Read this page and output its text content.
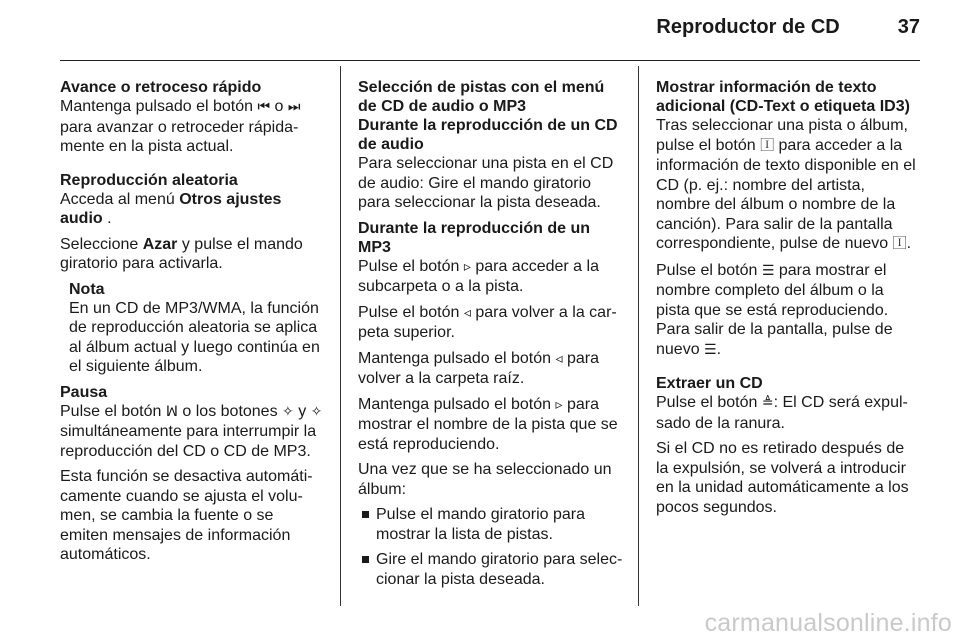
Reproductor de CD	37
Avance o retroceso rápido

Mantenga pulsado el botón ⏮ o ⏭ para avanzar o retroceder rápidamente en la pista actual.

Reproducción aleatoria

Acceda al menú Otros ajustes audio .

Seleccione Azar y pulse el mando giratorio para activarla.

Nota
En un CD de MP3/WMA, la función de reproducción aleatoria se aplica al álbum actual y luego continúa en el siguiente álbum.
Pausa

Pulse el botón ꟽ o los botones ✧ y ✧ simultáneamente para interrumpir la reproducción del CD o CD de MP3.

Esta función se desactiva automáticamente cuando se ajusta el volumen, se cambia la fuente o se emiten mensajes de información automáticos.

Selección de pistas con el menú de CD de audio o MP3
Durante la reproducción de un CD de audio

Para seleccionar una pista en el CD de audio: Gire el mando giratorio para seleccionar la pista deseada.

Durante la reproducción de un MP3

Pulse el botón ▹ para acceder a la subcarpeta o a la pista.

Pulse el botón ◃ para volver a la carpeta superior.

Mantenga pulsado el botón ◃ para volver a la carpeta raíz.

Mantenga pulsado el botón ▹ para mostrar el nombre de la pista que se está reproduciendo.

Una vez que se ha seleccionado un álbum:

Pulse el mando giratorio para mostrar la lista de pistas.
Gire el mando giratorio para seleccionar la pista deseada.
Mostrar información de texto adicional (CD-Text o etiqueta ID3)

Tras seleccionar una pista o álbum, pulse el botón 🄸 para acceder a la información de texto disponible en el CD (p. ej.: nombre del artista, nombre del álbum o nombre de la canción). Para salir de la pantalla correspondiente, pulse de nuevo 🄸.

Pulse el botón ☰ para mostrar el nombre completo del álbum o la pista que se está reproduciendo. Para salir de la pantalla, pulse de nuevo ☰.

Extraer un CD

Pulse el botón ≜: El CD será expulsado de la ranura.

Si el CD no es retirado después de la expulsión, se volverá a introducir en la unidad automáticamente a los pocos segundos.

carmanualsonline.info
